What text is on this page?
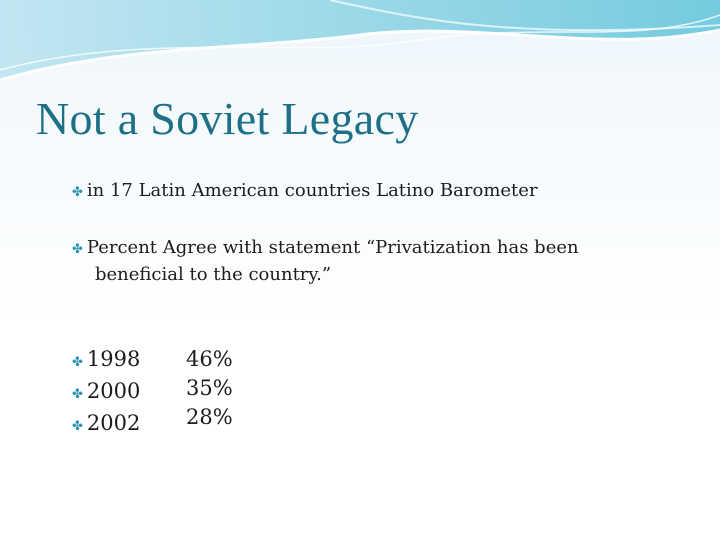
Not a Soviet Legacy
✤ in 17 Latin American countries Latino Barometer
✤ Percent Agree with statement “Privatization has been
beneficial to the country.”
✤ 1998
✤ 2000
✤ 2002
46%
35%
28%
